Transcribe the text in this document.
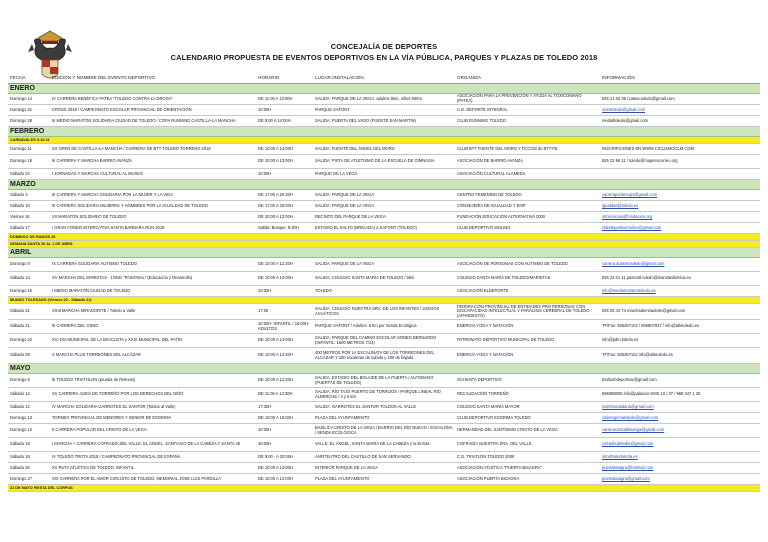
CONCEJALÍA DE DEPORTES
CALENDARIO PROPUESTA DE EVENTOS DEPORTIVOS EN LA VÍA PÚBLICA, PARQUES Y PLAZAS DE TOLEDO 2018
FECHA	EDICIÓN Y NOMBRE DEL EVENTO DEPORTIVO	HORARIO	LUGAR /INSTALACIÓN	ORGANIZA	INFORMACIÓN
ENERO					
Domingo 14	IV CARRERA BENÉFICA PATEA "TOLEDO CONTRA LA DROGA"	DE 11:00 A 13:00H	SALIDA: PARQUE DE LA VEGA. adultos 5km, niños 500m	ASOCIACIÓN PARA LA PREVENCIÓN Y AYUDA AL TOXICÓMANO (PATEA)	925 21 63 35 / patea.toledo@gmail.com
Domingo 21	CROSS 2018 / CAMPEONATO ESCOLAR PROVINCIAL DE ORIENTACIÓN	10:00H	PARQUE SAFONT	C.D. DEPORTE INTEGRAL	orientoledo@gmail.com
Domingo 28	III MEDIO MARATÓN SOLIDARIA CIUDAD DE TOLEDO / COPA RUNNING CASTILLA-LA MANCHA	DE 9:00 A 14:00H	SALIDA: PUERTA DEL VADO (PUENTE SAN MARTÍN)	CLUB RUNNING TOLEDO	medialtoledo@gmail.com
FEBRERO					
CARNAVALES 9-10-11					
Domingo 11	XX OPEN DE CASTILLA-LA MANCHA / CARRERA DE BTT TOLEDO TORRENO 2018	DE 10:00 A 14:00H	SALIDA: FUENTE DEL ÁNGEL DEL MORO	CLUB BTT FUENTE DEL MORO Y FCCCM de BTT-FE	INSCRIPCIONES EN WWW.CICLISMOCLM.COM
Domingo 18	III CARRERA Y MARCHA BARRIO AVANZA	DE 10:00 A 13:00H	SALIDA: PISTA DE ATLETISMO DE LA ESCUELA DE GIMNASIA	ASOCIACIÓN DE BARRIO AVANZA	925 22 96 11 / toledo@mujerescorreo.org
Sábado 24	I JORNADAS Y MARCHA CULTURAL AL MUSEO	10:00H	PARQUE DE LA VEGA	ASOCIACIÓN CULTURAL ALAMEDA	
MARZO					
Sábado 3	III CARRERA Y MARCHA SOLIDARIA POR LA MUJER Y LA VIDA	DE 17:00 A 20:30H	SALIDA: PARQUE DE LA VEGA	CENTRO FEMENINO DE TOLEDO	carreraporlamujer@gmail.com
Sábado 10	III CARRERA SOLIDARIA MUJERES Y HOMBRES POR LA IGUALDAD DE TOLEDO	DE 17:00 A 20:00H	SALIDA: PARQUE DE LA VEGA	CONSEJERÍA DE IGUALDAD Y EMP	igualdad@toledo.es
Viernes 16	VII MARATÓN SOLIDARIO DE TOLEDO	DE 10:00 A 13:00H	RECINTO DEL PARQUE DE LA VEGA	FUNDACIÓN EDUCACIÓN ALTERNATIVA 2000	informacion@fundacion.org
Sábado 17	I GRAN FONDO INTERCATIVA SANTA BARBARA RUN 2018	Salida: Bosque: 8:30H	ESTADIO EL SALTO (BRIGADA) a SAFONT (TOLEDO)	CLUB DEPORTIVO MOLINO	clubdeportivomolino@gmail.com
DOMINGO DE RAMOS 25					
SEMANA SANTA 26 AL 1 DE ABRIL					
ABRIL					
Domingo 8	IX CARRERA SOLIDARIA AUTISMO TOLEDO	DE 10:00 A 12:30H	SALIDA: PARQUE DE LA VEGA	ASOCIACIÓN DE PERSONAS CON AUTISMO DE TOLEDO	carrera.autismotoledo@gmail.com
Sábado 14	XV MARCHA DEL MARISTAS - 1ONG "PASIONAL" (Educación y Desarrollo)	DE 10:00 A 14:00H	SALIDA: COLEGIO SANTA MARÍA DE TOLEDO / 5km	COLEGIO SANTA MARÍA DE TOLEDO/MARISTAS	925 22 01 11 pastoral.toledo@maristasibérica.es
Domingo 15	I MEDIO MARATÓN CIUDAD DE TOLEDO	10:00H	TOLEDO	ASOCIACIÓN ELDEPORTE	info@mediamaratontoledo.es
MUNDO TOLEDANO (Viernes 20 - Sábado 21)					
Sábado 21	XXIII MARCHA MIRADOR/TE / Toledo a Valle	17:00	SALIDA: COLEGIO NUESTRA SRA. DE LOS INFANTES / JUEGOS ACUÁTICOS	FEDERACIÓN PROVINCIAL DE ENTIDADES PRO PERSONAS CON DISCAPACIDAD INTELECTUAL Y PARÁLISIS CEREBRAL DE TOLEDO (APANDESTO)	925 25 44 74 marchademiradorte@gmail.com
Sábado 21	III CARRERA DEL OSNO	10:00H: INFANTIL / 18:00H: ADULTOS	PARQUE SAFONT / Adultos: 8 km por Senda Ecológica	ENERGÍA YOGA Y NATACIÓN	TF/Fax: 925267102 / 696807827 / info@atletoledo.es
Domingo 22	XVI DÍA MUNICIPAL DE LA BICICLETA y XXXI MUNICIPAL DEL PATÍN	DE 10:00 A 14:00H	SALIDA: PARQUE DEL CAMINO ESCOLAR SONEO BERNARDO (INFANTIL: 1600 METROS 7/14)	PATRONATO DEPORTIVO MUNICIPAL DE TOLEDO	info@pdm.toledo.es
Sábado 28	X MARCHA PLUS TORREÓNES DEL ALCÁZAR	DE 10:00 A 12:30H	400 METROS POR LA ESCALINATA DE LOS TORREONES DEL ALCÁZAR Y 100 escaleras de subida y 100 de bajada	ENERGÍA YOGA Y NATACIÓN	TF/Fax: 925267102 info@atletoledo.es
MAYO					
Domingo 6	III TOLEDO TRIATHLON (prueba de Relevos)	DE 10:00 A 12:30H	SALIDA: ESTADIO DEL BOLAIDE DE LA PUERTA / ALFOMANO (PUERTAS DE TOLEDO)	OCHENTA DEPORTIVO	triatlonbdeportvar@gmail.com
Sábado 12	XV CARRERA JUDÍA DE TORREÑO POR LOS DERECHOS DEL NIÑO	DE 11:00 A 12:30H	SALIDA: RÍO TAJO PUERTO DE TORRIJOS / PARQUE LINEAL RÍO ALBERCHE / 4 y 6 km	RECAUDACIÓN TORREÑO	696089008 info@palacios KMS 10 / 07 / 968 347 1 25
Sábado 12	IV MARCHA SOLIDARIA GARROTES EL SANTOR (Toldos al Valle)	17:30H	SALIDA: GARROTES EL SANTOR TOLDOS AL VALLE	COLEGIO SANTA MARÍA MAYOR	marchasolidaria@gmail.com
Domingo 13	TORNEO PROVINCIAL DE MENORES Y SENIOR DE ESGRIMA	DE 10:00 A 18:00H	PLAZA DEL AYUNTAMIENTO	CLUB DEPORTIVO ESGRIMA TOLEDO	clubesgrimatoledo@gmail.com
Domingo 13	II CARRERA POPULAR DEL CRISTO DE LA VEGA	10:00H	BASILICA CRISTO DE LA VEGA / BARRIO DEL RÍO NUEVO / ESCALONA / SENDA ECOLÓGICA	HERMANDAD DEL SANTÍSIMO CRISTO DE LA VEGA	carreracristodelavega@gmail.com
Sábado 19	I MARCHA + CARRERA COFRADÍA DEL VALLE: EL ÁNGEL, SANTIAGO DE LA CABEZA Y SANTA JE	10:00H	VALLE: EL ÁNGEL, SANTA MARÍA DE LA CABEZA y la Ermita	COFRADÍA NUESTRA SRA. DEL VALLE	cofradiadelvalle@gmail.com
Sábado 19	IV TOLEDO TROTA 2018 / CAMPEONATO PROVINCIAL DE ESPAÑA	DE 9:00 - A 20:00H	ANFITEATRO DEL CASTILLO DE SAN SERVANDO	C.D. TRIATLÓN TOLEDO 2000	info@toledotrota.es
Sábado 26	XV RUTA ATLÉTICA DE TOLEDO, INFANTIL	DE 10:00 A 13:00H	INTERIOR PARQUE DE LA VEGA	ASOCIACIÓN ATLÉTICA "PUERTA BISAGRA"	puertabisagra@hotmail.com
Domingo 27	XIX CARRERA POR EL AMOR CIRCUITO DE TOLEDO, MEMORIAL JOSE LUIS PARDILLA	DE 10:00 A 14:00H	PLAZA DEL AYUNTAMIENTO	ASOCIACIÓN PUERTA BISAGRA	puertabisagra@gmail.com
31 DE MAYO FIESTA DEL CORPUS					
